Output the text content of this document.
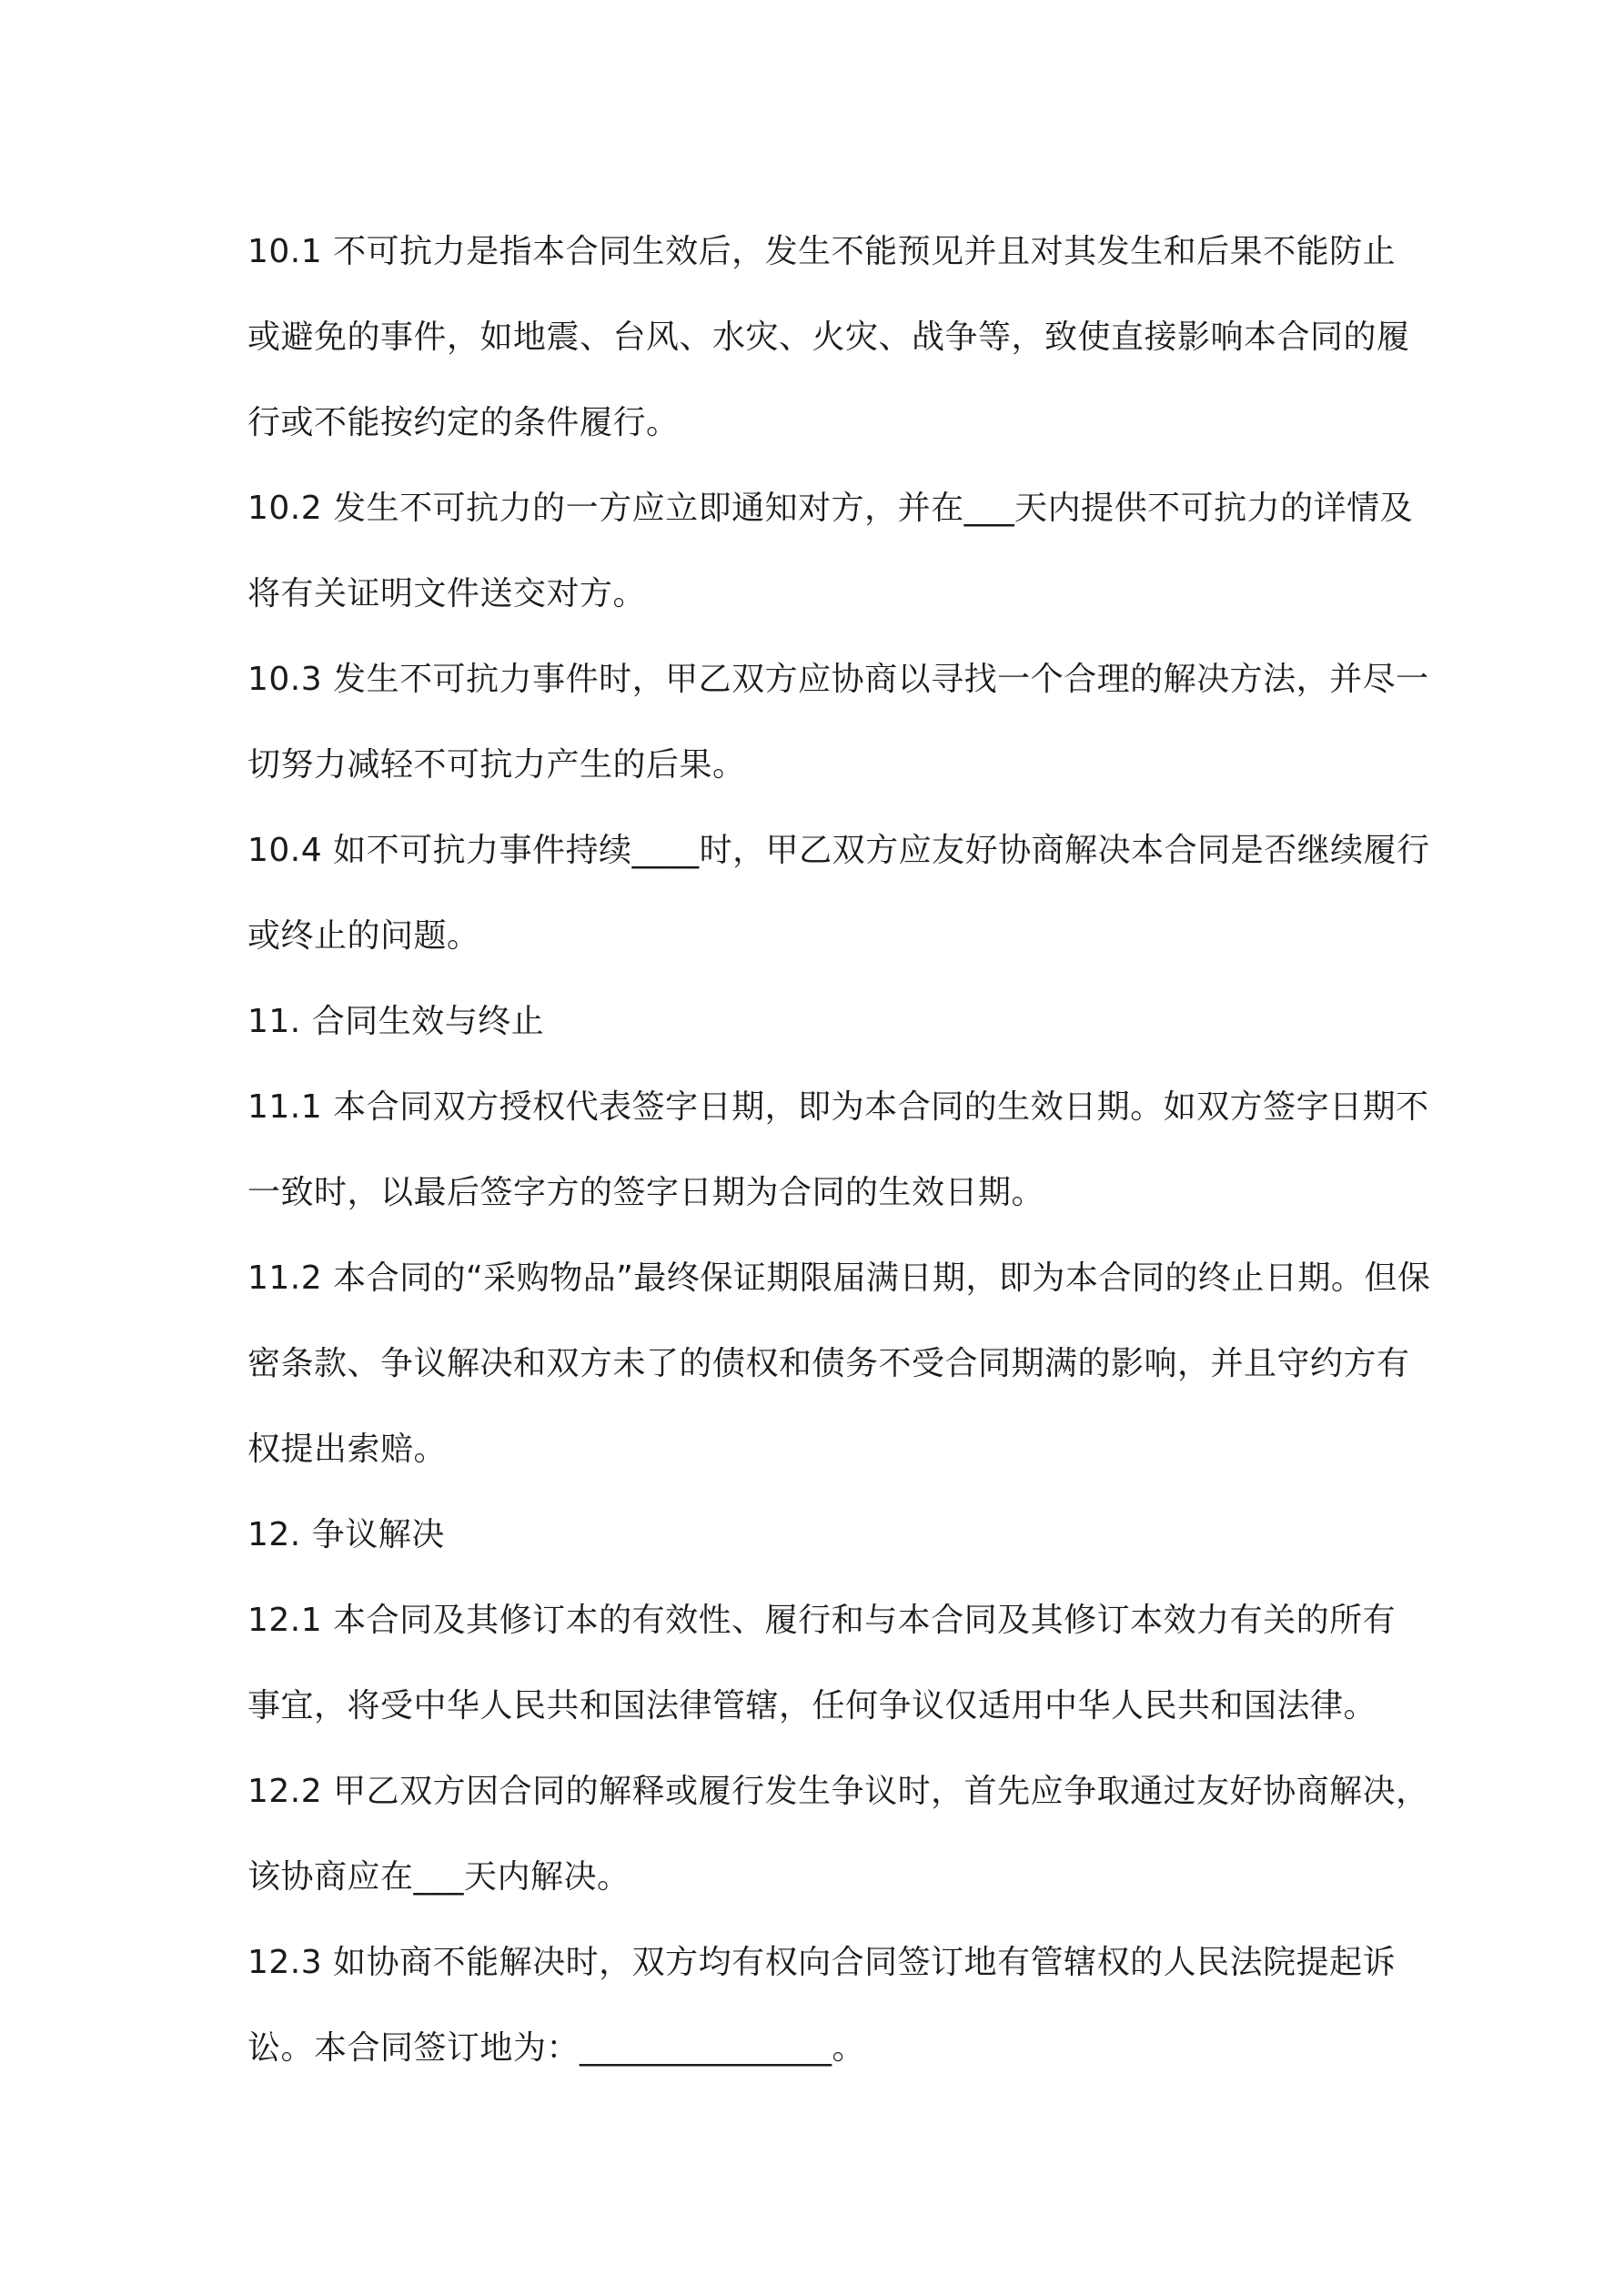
10.1 不可抗力是指本合同生效后，发生不能预见并且对其发生和后果不能防止
或避免的事件，如地震、台风、水灾、火灾、战争等，致使直接影响本合同的履
行或不能按约定的条件履行。
10.2 发生不可抗力的一方应立即通知对方，并在___天内提供不可抗力的详情及
将有关证明文件送交对方。
10.3 发生不可抗力事件时，甲乙双方应协商以寻找一个合理的解决方法，并尽一
切努力减轻不可抗力产生的后果。
10.4 如不可抗力事件持续____时，甲乙双方应友好协商解决本合同是否继续履行
或终止的问题。
11. 合同生效与终止
11.1 本合同双方授权代表签字日期，即为本合同的生效日期。如双方签字日期不
一致时，以最后签字方的签字日期为合同的生效日期。
11.2 本合同的“采购物品”最终保证期限届满日期，即为本合同的终止日期。但保
密条款、争议解决和双方未了的债权和债务不受合同期满的影响，并且守约方有
权提出索赔。
12. 争议解决
12.1 本合同及其修订本的有效性、履行和与本合同及其修订本效力有关的所有
事宜，将受中华人民共和国法律管辖，任何争议仅适用中华人民共和国法律。
12.2 甲乙双方因合同的解释或履行发生争议时，首先应争取通过友好协商解决，
该协商应在___天内解决。
12.3 如协商不能解决时，双方均有权向合同签订地有管辖权的人民法院提起诉
讼。本合同签订地为：_______________。
